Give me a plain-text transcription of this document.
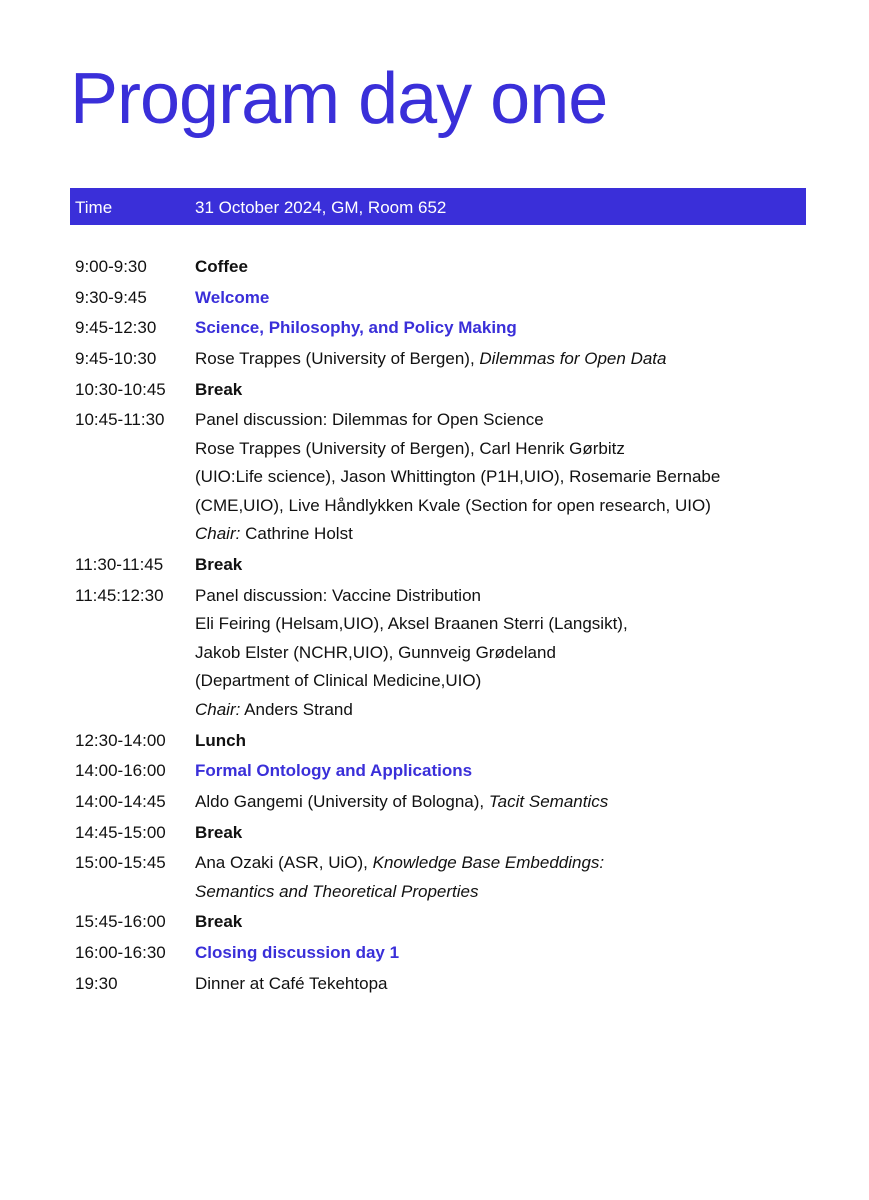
Program day one
Time	31 October 2024, GM, Room 652
9:00-9:30	Coffee
9:30-9:45	Welcome
9:45-12:30 Science, Philosophy, and Policy Making
9:45-10:30 Rose Trappes (University of Bergen), Dilemmas for Open Data
10:30-10:45 Break
10:45-11:30 Panel discussion: Dilemmas for Open Science
Rose Trappes (University of Bergen), Carl Henrik Gørbitz
(UIO:Life science), Jason Whittington (P1H,UIO), Rosemarie Bernabe
(CME,UIO), Live Håndlykken Kvale (Section for open research, UIO)
Chair: Cathrine Holst
11:30-11:45 Break
11:45:12:30 Panel discussion: Vaccine Distribution
Eli Feiring (Helsam,UIO), Aksel Braanen Sterri (Langsikt),
Jakob Elster (NCHR,UIO), Gunnveig Grødeland
(Department of Clinical Medicine,UIO)
Chair: Anders Strand
12:30-14:00 Lunch
14:00-16:00 Formal Ontology and Applications
14:00-14:45 Aldo Gangemi (University of Bologna), Tacit Semantics
14:45-15:00 Break
15:00-15:45 Ana Ozaki (ASR, UiO), Knowledge Base Embeddings:
Semantics and Theoretical Properties
15:45-16:00 Break
16:00-16:30 Closing discussion day 1
19:30	Dinner at Café Tekehtopa
